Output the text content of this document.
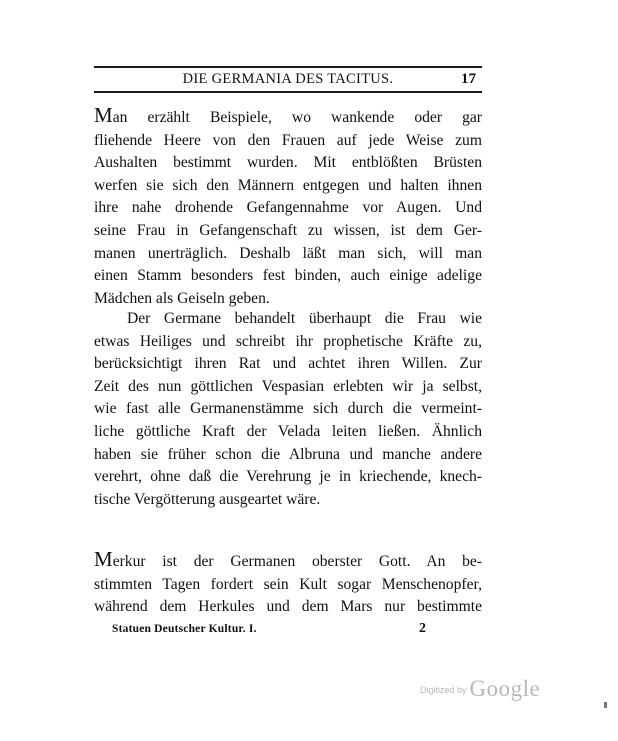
DIE GERMANIA DES TACITUS.	17
Man erzählt Beispiele, wo wankende oder gar
fliehende Heere von den Frauen auf jede Weise zum
Aushalten bestimmt wurden. Mit entblößten Brüsten
werfen sie sich den Männern entgegen und halten ihnen
ihre nahe drohende Gefangennahme vor Augen. Und
seine Frau in Gefangenschaft zu wissen, ist dem Ger-
manen unerträglich. Deshalb läßt man sich, will man
einen Stamm besonders fest binden, auch einige adelige
Mädchen als Geiseln geben.
Der Germane behandelt überhaupt die Frau wie
etwas Heiliges und schreibt ihr prophetische Kräfte zu,
berücksichtigt ihren Rat und achtet ihren Willen. Zur
Zeit des nun göttlichen Vespasian erlebten wir ja selbst,
wie fast alle Germanenstämme sich durch die vermeint-
liche göttliche Kraft der Velada leiten ließen. Ähnlich
haben sie früher schon die Albruna und manche andere
verehrt, ohne daß die Verehrung je in kriechende, knech-
tische Vergötterung ausgeartet wäre.
Merkur ist der Germanen oberster Gott. An be-
stimmten Tagen fordert sein Kult sogar Menschenopfer,
während dem Herkules und dem Mars nur bestimmte
Statuen Deutscher Kultur. I.	2
Digitized by Google
